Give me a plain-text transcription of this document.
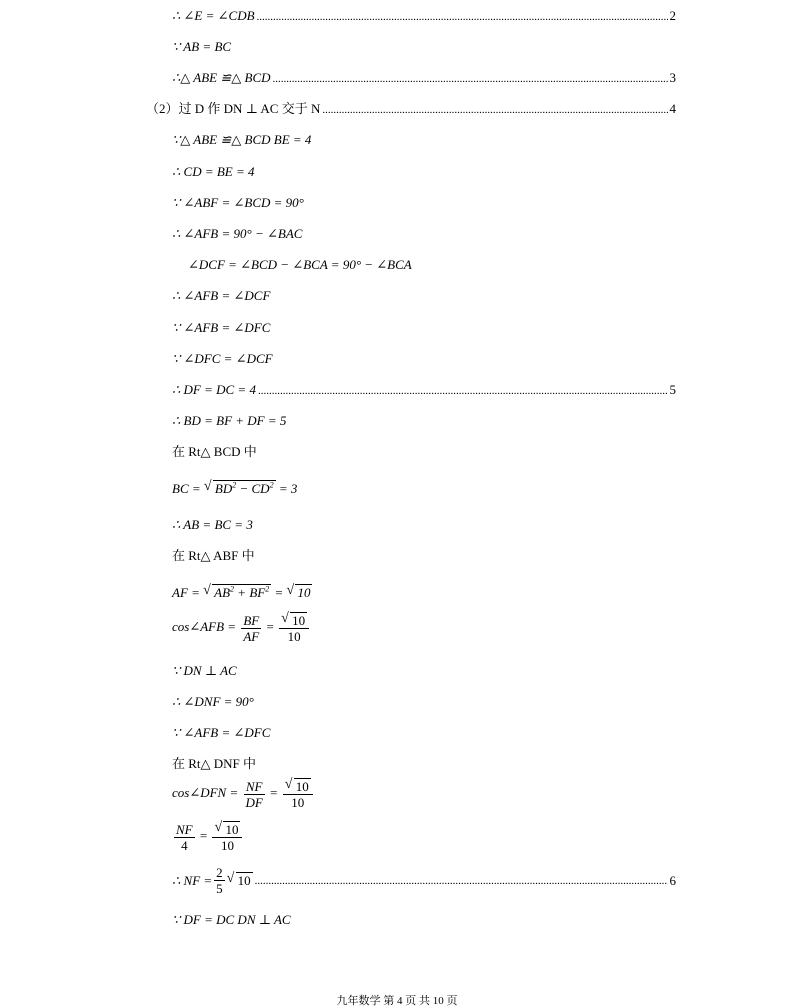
∴ ∠E = ∠CDB .....	2
∵ AB = BC
∴△ ABE ≌△ BCD .....	3
（2）过 D 作 DN ⊥ AC 交于 N .....	4
∵△ ABE ≌△ BCD BE = 4
∴ CD = BE = 4
∵ ∠ABF = ∠BCD = 90°
∴ ∠AFB = 90° − ∠BAC
∠DCF = ∠BCD − ∠BCA = 90° − ∠BCA
∴ ∠AFB = ∠DCF
∵ ∠AFB = ∠DFC
∵ ∠DFC = ∠DCF
∴ DF = DC = 4 .....	5
∴ BD = BF + DF = 5
在 Rt△ BCD 中
BC = √ $BD^2 - CD^2 = 3$
∴ AB = BC = 3
在 Rt△ ABF 中
AF = √ $AB^2 + BF^2$ = √ 10
cos∠AFB = $\frac{BF}{AF}$ = √ $\frac{10}{10}$
∵ DN ⊥ AC
∴ ∠DNF = 90°
∵ ∠AFB = ∠DFC
在 Rt△ DNF 中
cos∠DFN = $\frac{NF}{DF}$ = √ $\frac{10}{10}$
$\frac{NF}{4}$ = √ $\frac{10}{10}$
∴ NF = $\frac{2}{5}$	√ 10 .....	6
∵ DF = DC DN ⊥ AC
九年数学 第 4 页 共 10 页
